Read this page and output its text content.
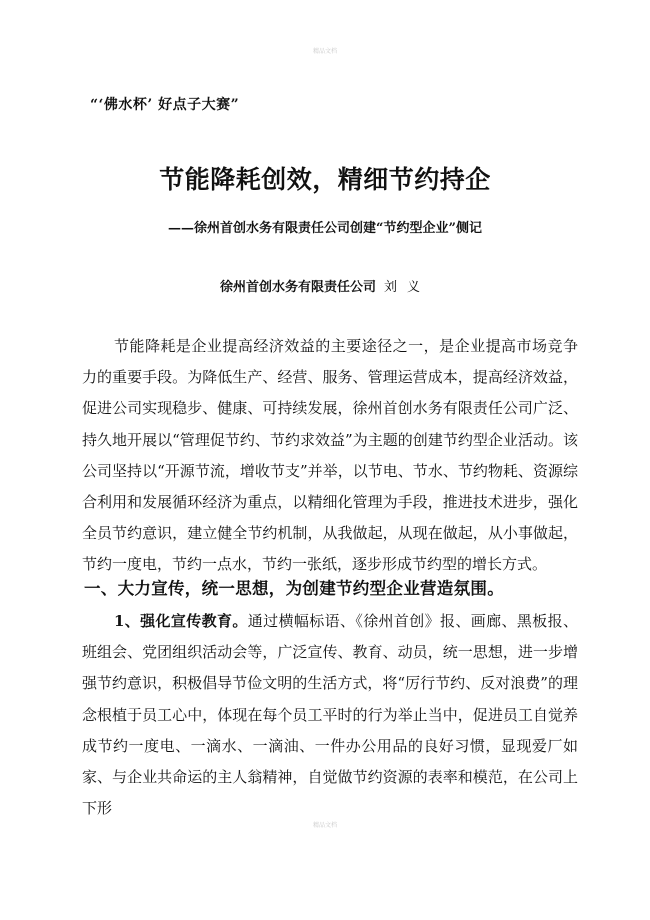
精品文档
“‘佛水杯’ 好点子大赛”
节能降耗创效，精细节约持企
——徐州首创水务有限责任公司创建“节约型企业”侧记
徐州首创水务有限责任公司 刘义

节能降耗是企业提高经济效益的主要途径之一，是企业提高市场竞争力的重要手段。为降低生产、经营、服务、管理运营成本，提高经济效益，促进公司实现稳步、健康、可持续发展，徐州首创水务有限责任公司广泛、持久地开展以“管理促节约、节约求效益”为主题的创建节约型企业活动。该公司坚持以“开源节流，增收节支”并举，以节电、节水、节约物耗、资源综合利用和发展循环经济为重点，以精细化管理为手段，推进技术进步，强化全员节约意识，建立健全节约机制，从我做起，从现在做起，从小事做起，节约一度电，节约一点水，节约一张纸，逐步形成节约型的增长方式。

一、大力宣传，统一思想，为创建节约型企业营造氛围。

1、强化宣传教育。通过横幅标语、《徐州首创》报、画廊、黑板报、班组会、党团组织活动会等，广泛宣传、教育、动员，统一思想，进一步增强节约意识，积极倡导节俭文明的生活方式，将“厉行节约、反对浪费”的理念根植于员工心中，体现在每个员工平时的行为举止当中，促进员工自觉养成节约一度电、一滴水、一滴油、一件办公用品的良好习惯，显现爱厂如家、与企业共命运的主人翁精神，自觉做节约资源的表率和模范，在公司上下形

精品文档
